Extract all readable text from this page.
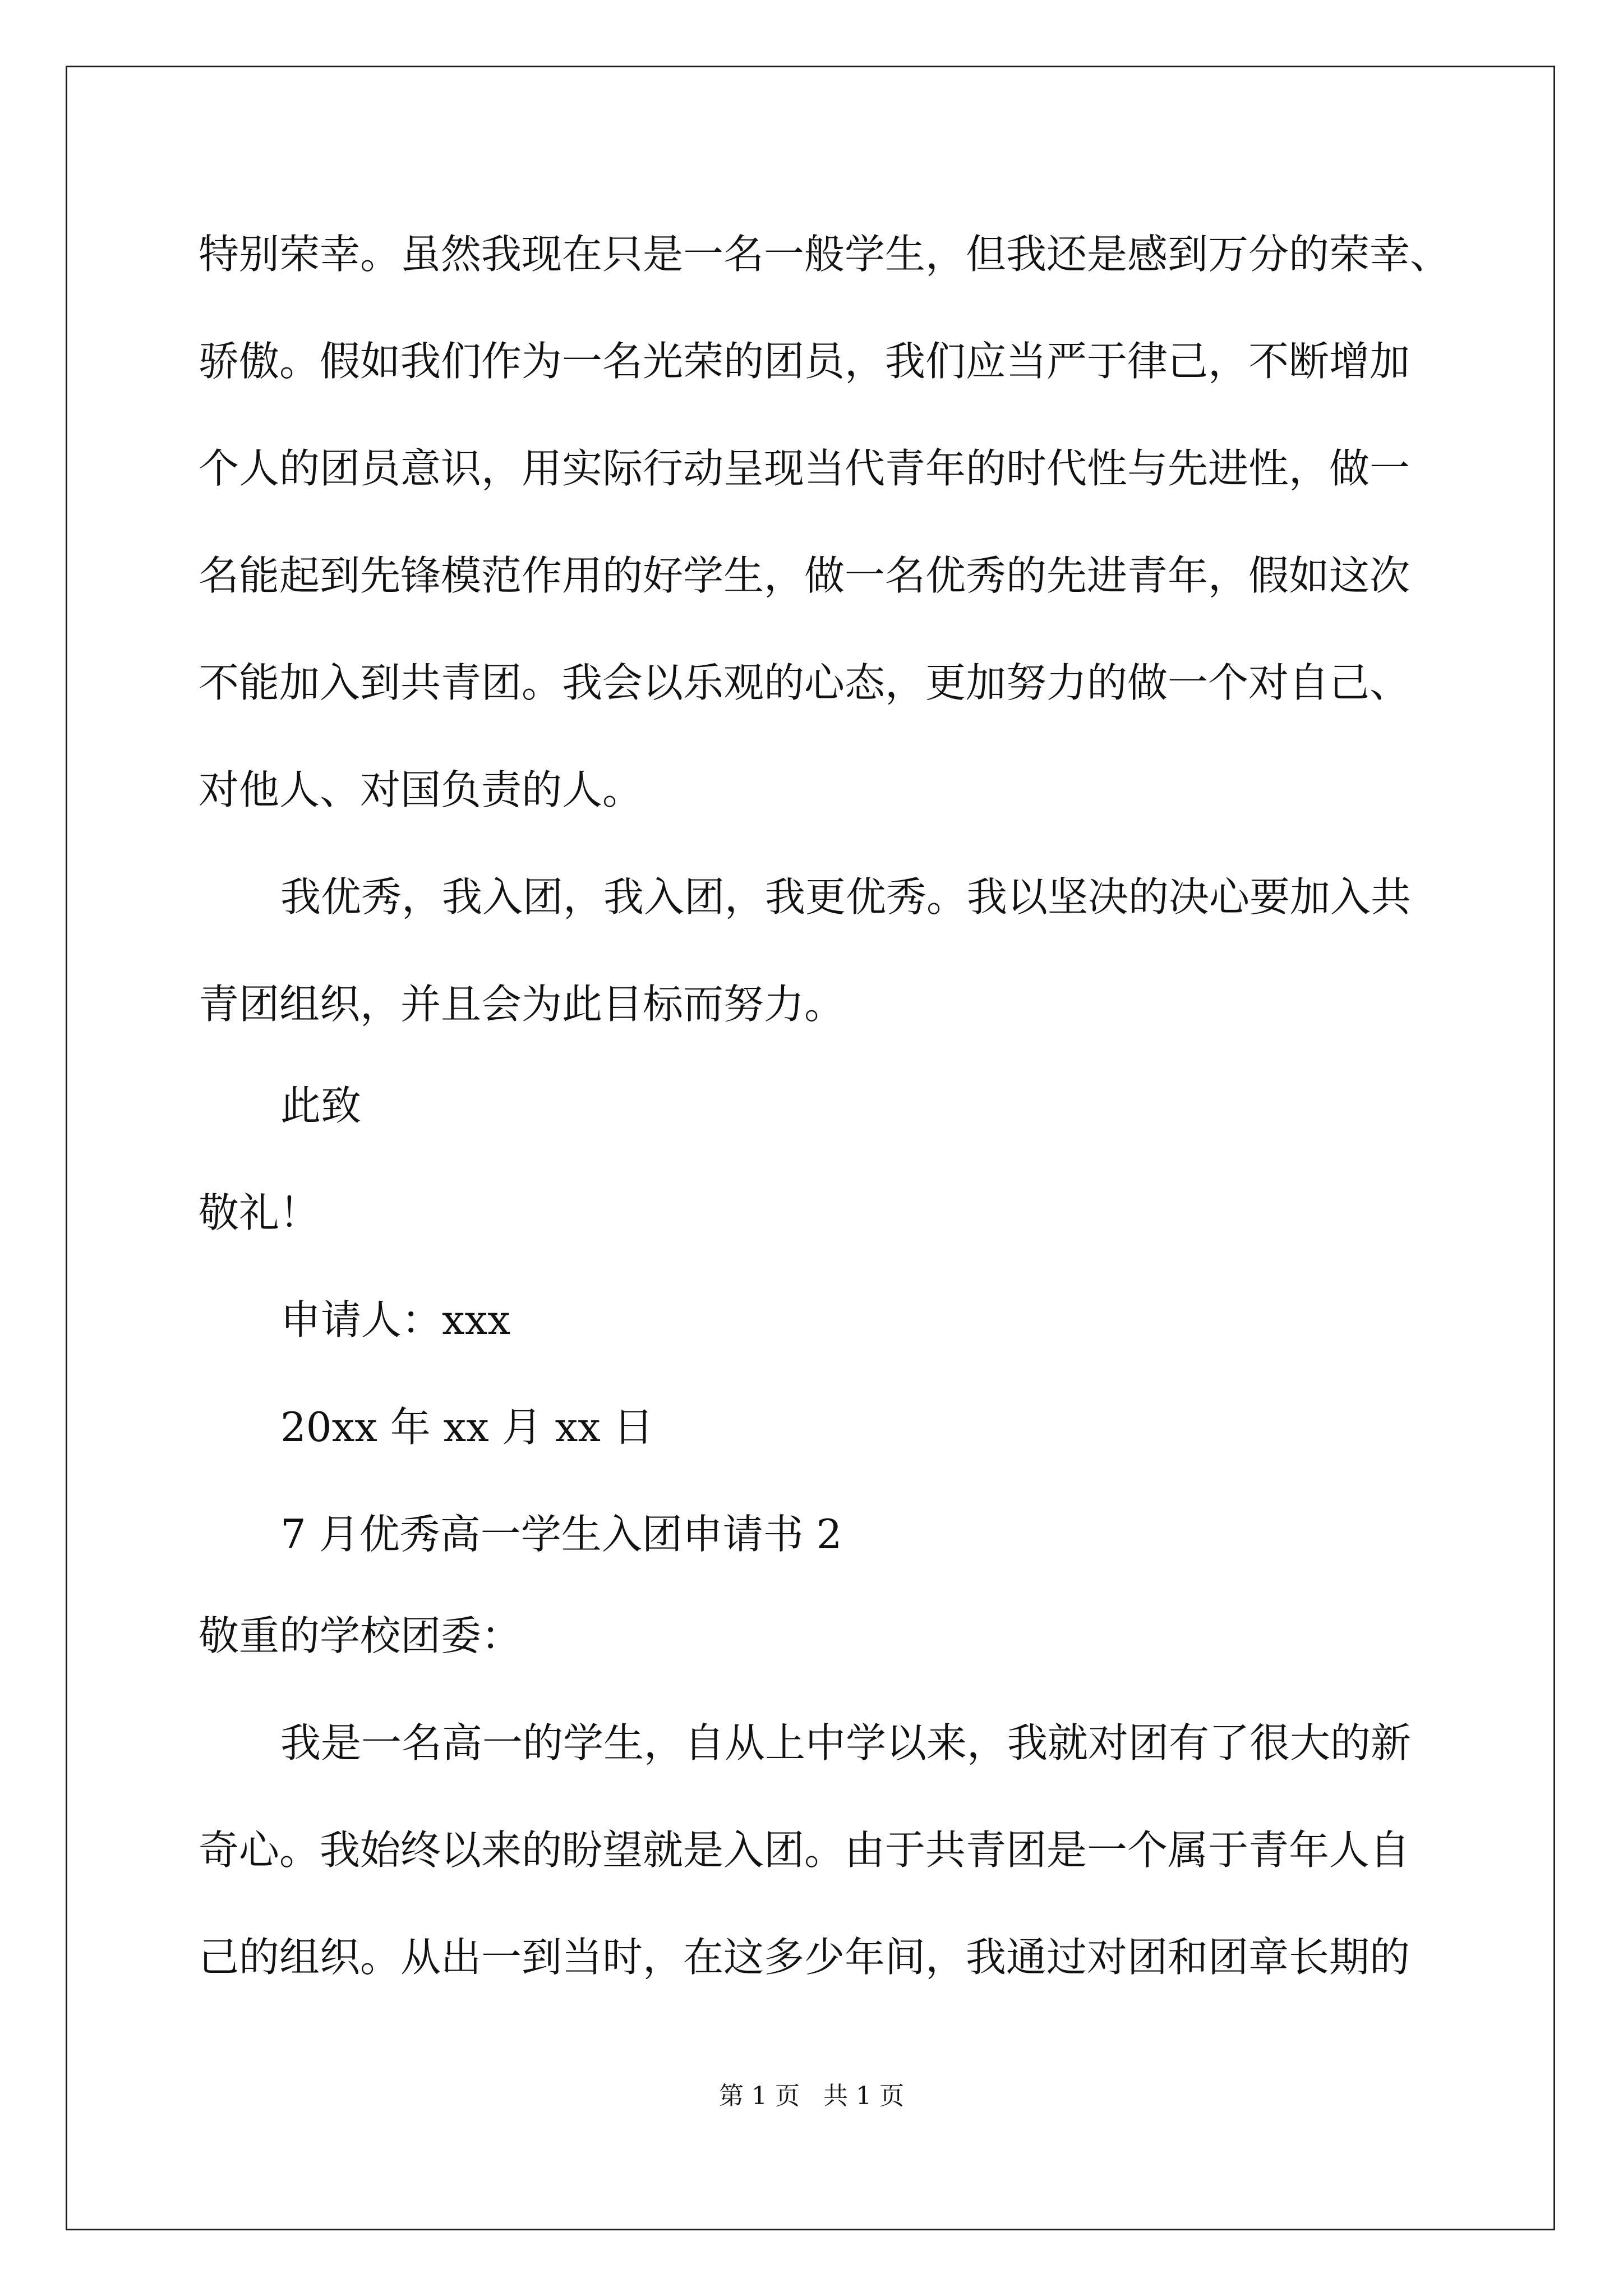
特别荣幸。虽然我现在只是一名一般学生，但我还是感到万分的荣幸、
骄傲。假如我们作为一名光荣的团员，我们应当严于律己，不断增加
个人的团员意识，用实际行动呈现当代青年的时代性与先进性，做一
名能起到先锋模范作用的好学生，做一名优秀的先进青年，假如这次
不能加入到共青团。我会以乐观的心态，更加努力的做一个对自己、
对他人、对国负责的人。
我优秀，我入团，我入团，我更优秀。我以坚决的决心要加入共
青团组织，并且会为此目标而努力。
此致
敬礼！
申请人：xxx
20xx 年 xx 月 xx 日
7 月优秀高一学生入团申请书 2
敬重的学校团委：
我是一名高一的学生，自从上中学以来，我就对团有了很大的新
奇心。我始终以来的盼望就是入团。由于共青团是一个属于青年人自
己的组织。从出一到当时，在这多少年间，我通过对团和团章长期的
第 1 页   共 1 页
